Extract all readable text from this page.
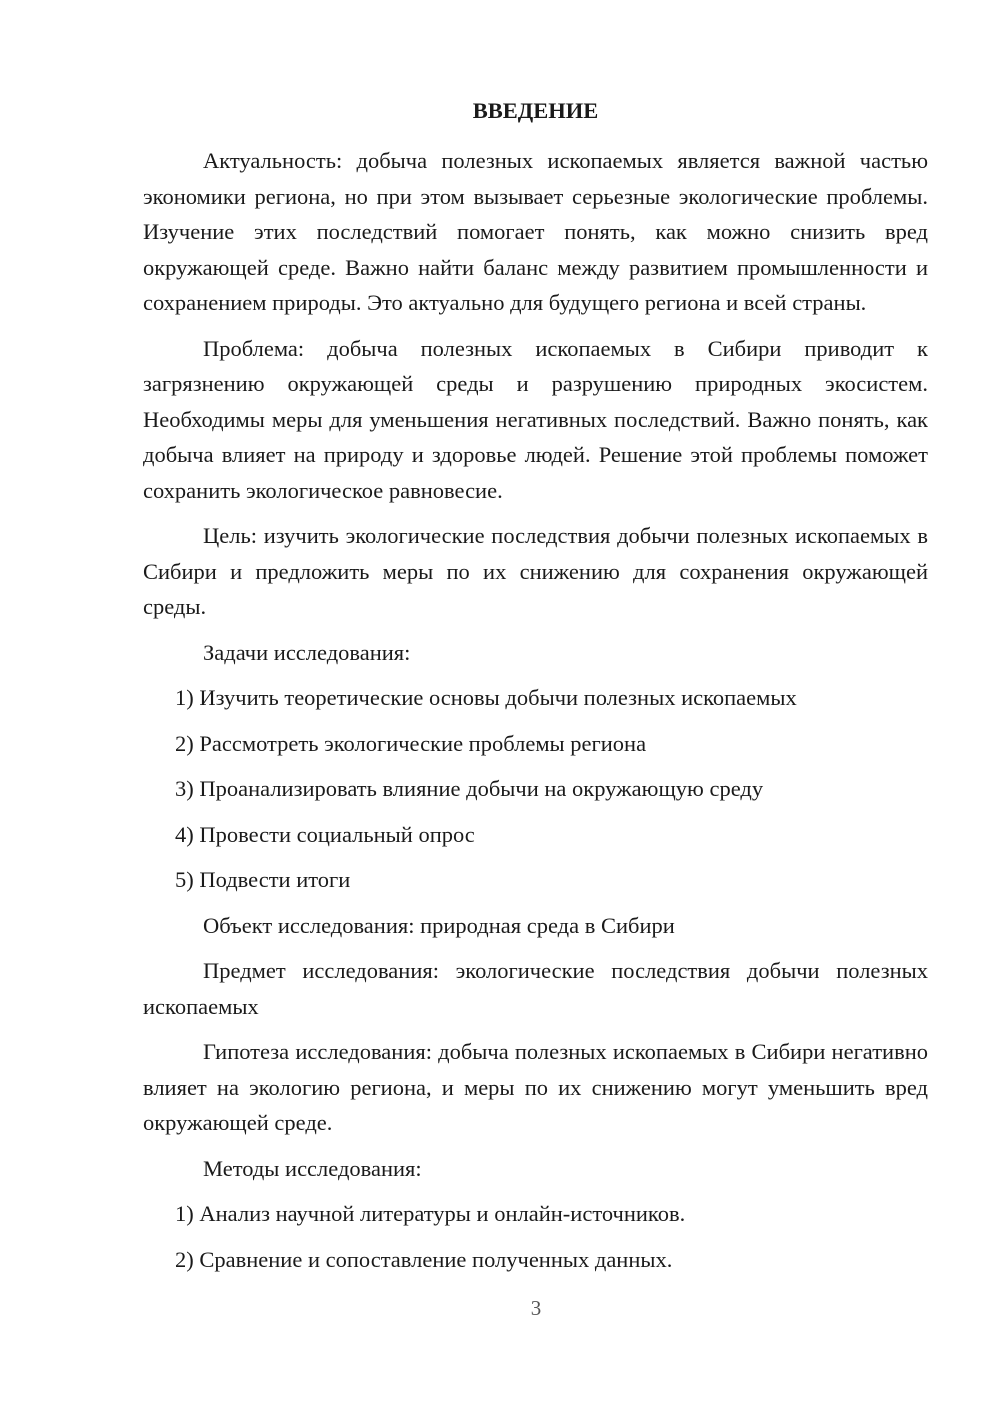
ВВЕДЕНИЕ

Актуальность: добыча полезных ископаемых является важной частью экономики региона, но при этом вызывает серьезные экологические проблемы. Изучение этих последствий помогает понять, как можно снизить вред окружающей среде. Важно найти баланс между развитием промышленности и сохранением природы. Это актуально для будущего региона и всей страны.

Проблема: добыча полезных ископаемых в Сибири приводит к загрязнению окружающей среды и разрушению природных экосистем. Необходимы меры для уменьшения негативных последствий. Важно понять, как добыча влияет на природу и здоровье людей. Решение этой проблемы поможет сохранить экологическое равновесие.

Цель: изучить экологические последствия добычи полезных ископаемых в Сибири и предложить меры по их снижению для сохранения окружающей среды.

Задачи исследования:
1) Изучить теоретические основы добычи полезных ископаемых
2) Рассмотреть экологические проблемы региона
3) Проанализировать влияние добычи на окружающую среду
4) Провести социальный опрос
5) Подвести итоги
Объект исследования: природная среда в Сибири

Предмет исследования: экологические последствия добычи полезных ископаемых

Гипотеза исследования: добыча полезных ископаемых в Сибири негативно влияет на экологию региона, и меры по их снижению могут уменьшить вред окружающей среде.

Методы исследования:
1) Анализ научной литературы и онлайн-источников.
2) Сравнение и сопоставление полученных данных.
3
